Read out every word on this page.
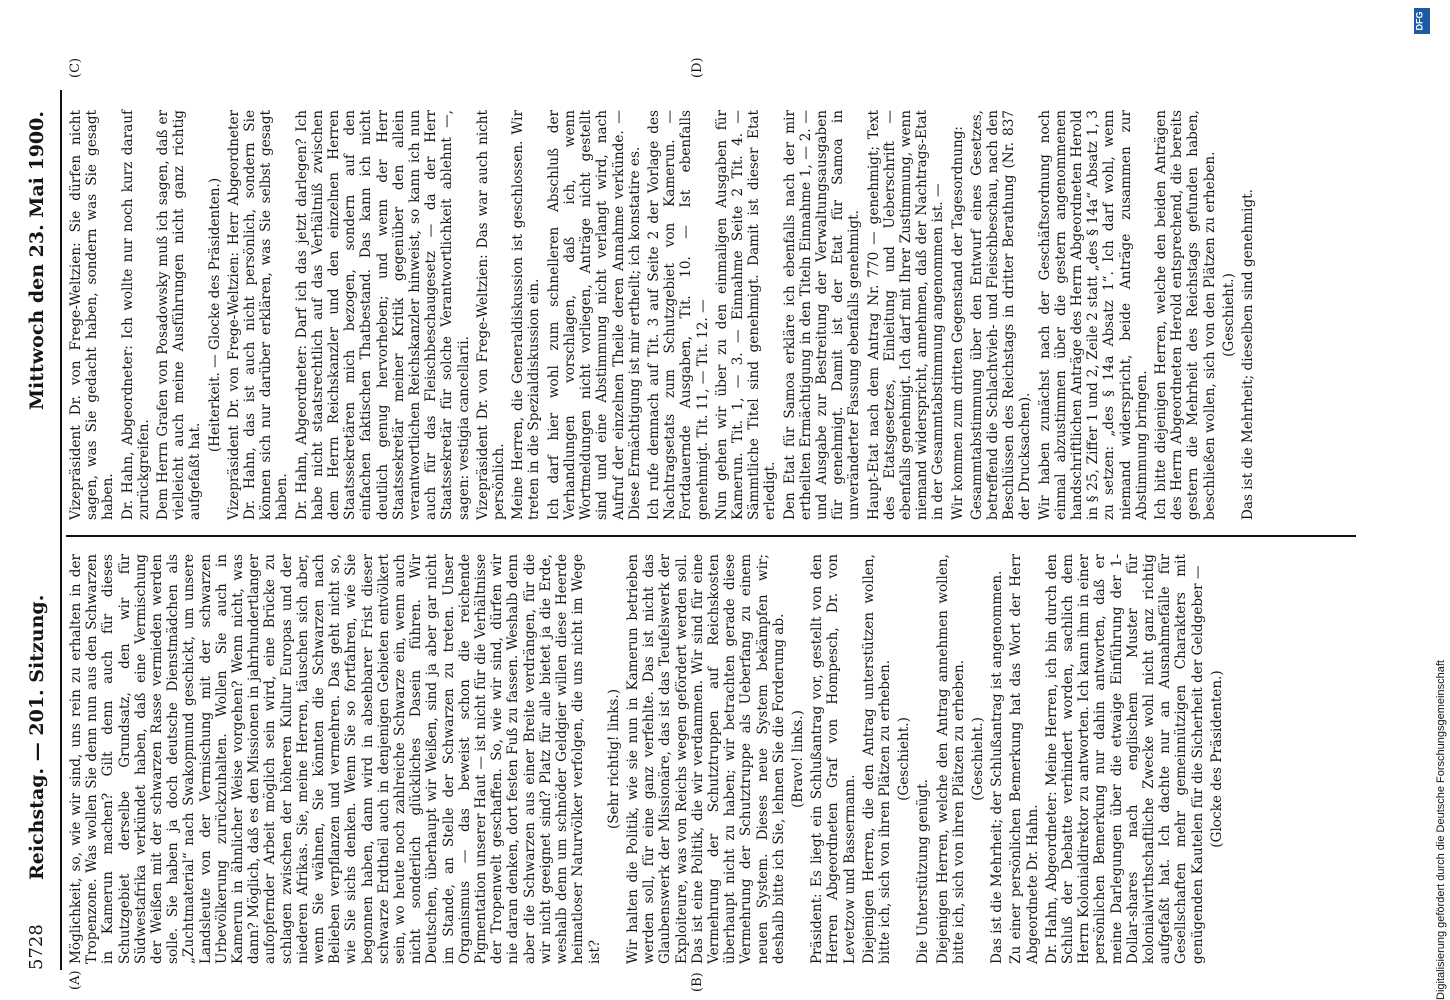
5728
Reichstag. — 201. Sitzung.
Mittwoch den 23. Mai 1900.
(A)	(B)
(C)	(D)

Möglichkeit, so, wie wir sind, uns rein zu erhalten in der Tropenzone. Was wollen Sie denn nun aus den Schwarzen in Kamerun machen? Gilt denn auch für dieses Schutzgebiet derselbe Grundsatz, den wir für Südwestafrika verkündet haben, daß eine Vermischung der Weißen mit der schwarzen Rasse vermieden werden solle. Sie haben ja doch deutsche Dienstmädchen als „Zuchtmaterial“ nach Swakopmund geschickt, um unsere Landsleute von der Vermischung mit der schwarzen Urbevölkerung zurückzuhalten. Wollen Sie auch in Kamerun in ähnlicher Weise vorgehen? Wenn nicht, was dann? Möglich, daß es den Missionen in jahrhundertlanger aufopfernder Arbeit möglich sein wird, eine Brücke zu schlagen zwischen der höheren Kultur Europas und der niederen Afrikas. Sie, meine Herren, täuschen sich aber, wenn Sie wähnen, Sie könnten die Schwarzen nach Belieben verpflanzen und vermehren. Das geht nicht so, wie Sie sichs denken. Wenn Sie so fortfahren, wie Sie begonnen haben, dann wird in absehbarer Frist dieser schwarze Erdtheil auch in denjenigen Gebieten entvölkert sein, wo heute noch zahlreiche Schwarze ein, wenn auch nicht sonderlich glückliches Dasein führen. Wir Deutschen, überhaupt wir Weißen, sind ja aber gar nicht im Stande, an Stelle der Schwarzen zu treten. Unser Organismus — das beweist schon die reichende Pigmentation unserer Haut — ist nicht für die Verhältnisse der Tropenwelt geschaffen. So, wie wir sind, dürfen wir nie daran denken, dort festen Fuß zu fassen. Weshalb denn aber die Schwarzen aus einer Breite verdrängen, für die wir nicht geeignet sind? Platz für alle bietet ja die Erde, weshalb denn um schnöder Geldgier willen diese Heerde heimatloser Naturvölker verfolgen, die uns nicht im Wege ist?

(Sehr richtig! links.) Wir halten die Politik, wie sie nun in Kamerun betrieben werden soll, für eine ganz verfehlte. Das ist nicht das Glaubenswerk der Missionäre, das ist das Teufelswerk der Exploiteure, was von Reichs wegen gefördert werden soll. Das ist eine Politik, die wir verdammen. Wir sind für eine Vermehrung der Schutztruppen auf Reichskosten überhaupt nicht zu haben; wir betrachten gerade diese Vermehrung der Schutztruppe als Ueberfang zu einem neuen System. Dieses neue System bekämpfen wir; deshalb bitte ich Sie, lehnen Sie die Forderung ab. (Bravo! links.) Präsident: Es liegt ein Schlußantrag vor, gestellt von den Herren Abgeordneten Graf von Hompesch, Dr. von Levetzow und Bassermann. Diejenigen Herren, die den Antrag unterstützen wollen, bitte ich, sich von ihren Plätzen zu erheben. (Geschieht.)

Die Unterstützung genügt. Diejenigen Herren, welche den Antrag annehmen wollen, bitte ich, sich von ihren Plätzen zu erheben. (Geschieht.) Das ist die Mehrheit; der Schlußantrag ist angenommen. Zu einer persönlichen Bemerkung hat das Wort der Herr Abgeordnete Dr. Hahn. Dr. Hahn, Abgeordneter: Meine Herren, ich bin durch den Schluß der Debatte verhindert worden, sachlich dem Herrn Kolonialdirektor zu antworten. Ich kann ihm in einer persönlichen Bemerkung nur dahin antworten, daß er meine Darlegungen über die etwaige Einführung der 1-Dollar-shares nach englischem Muster für kolonialwirthschaftliche Zwecke wohl nicht ganz richtig aufgefaßt hat. Ich dachte nur an Ausnahmefälle für Gesellschaften mehr gemeinnützigen Charakters mit genügenden Kautelen für die Sicherheit der Geldgeber — (Glocke des Präsidenten.)

Vizepräsident Dr. von Frege-Weltzien: Sie dürfen nicht sagen, was Sie gedacht haben, sondern was Sie gesagt haben. Dr. Hahn, Abgeordneter: Ich wollte nur noch kurz darauf zurückgreifen. Dem Herrn Grafen von Posadowsky muß ich sagen, daß er vielleicht auch meine Ausführungen nicht ganz richtig aufgefaßt hat.

(Heiterkeit. — Glocke des Präsidenten.) Vizepräsident Dr. von Frege-Weltzien: Herr Abgeordneter Dr. Hahn, das ist auch nicht persönlich, sondern Sie können sich nur darüber erklären, was Sie selbst gesagt haben. Dr. Hahn, Abgeordneter: Darf ich das jetzt darlegen? Ich habe nicht staatsrechtlich auf das Verhältniß zwischen dem Herrn Reichskanzler und den einzelnen Herren Staatssekretären mich bezogen, sondern auf den einfachen faktischen Thatbestand. Das kann ich nicht deutlich genug hervorheben; und wenn der Herr Staatssekretär meiner Kritik gegenüber den allein verantwortlichen Reichskanzler hinweist, so kann ich nun auch für das Fleischbeschaugesetz — da der Herr Staatssekretär für solche Verantwortlichkeit ablehnt —, sagen: vestigia cancellarii. Vizepräsident Dr. von Frege-Weltzien: Das war auch nicht persönlich. Meine Herren, die Generaldiskussion ist geschlossen. Wir treten in die Spezialdiskussion ein. Ich darf hier wohl zum schnelleren Abschluß der Verhandlungen vorschlagen, daß ich, wenn Wortmeldungen nicht vorliegen, Anträge nicht gestellt sind und eine Abstimmung nicht verlangt wird, nach Aufruf der einzelnen Theile deren Annahme verkünde. — Diese Ermächtigung ist mir ertheilt; ich konstatire es. Ich rufe demnach auf Tit. 3 auf Seite 2 der Vorlage des Nachtragsetats zum Schutzgebiet von Kamerun. — Fortdauernde Ausgaben, Tit. 10. — Ist ebenfalls genehmigt. Tit. 11, — Tit. 12. — Nun gehen wir über zu den einmaligen Ausgaben für Kamerun. Tit. 1, — 3. — Einnahme Seite 2 Tit. 4. — Sämmtliche Titel sind genehmigt. Damit ist dieser Etat erledigt. Den Etat für Samoa erkläre ich ebenfalls nach der mir ertheilten Ermächtigung in den Titeln Einnahme 1, — 2. — und Ausgabe zur Bestreitung der Verwaltungsausgaben für genehmigt. Damit ist der Etat für Samoa in unveränderter Fassung ebenfalls genehmigt. Haupt-Etat nach dem Antrag Nr. 770 — genehmigt; Text des Etatsgesetzes, Einleitung und Ueberschrift — ebenfalls genehmigt. Ich darf mit Ihrer Zustimmung, wenn niemand widerspricht, annehmen, daß der Nachtrags-Etat in der Gesammtabstimmung angenommen ist. — Wir kommen zum dritten Gegenstand der Tagesordnung: Gesammtabstimmung über den Entwurf eines Gesetzes, betreffend die Schlachtvieh- und Fleischbeschau, nach den Beschlüssen des Reichstags in dritter Berathung (Nr. 837 der Drucksachen). Wir haben zunächst nach der Geschäftsordnung noch einmal abzustimmen über die gestern angenommenen handschriftlichen Anträge des Herrn Abgeordneten Herold in § 25, Ziffer 1 und 2, Zeile 2 statt „des § 14a“ Absatz 1, 3 zu setzen: „des § 14a Absatz 1“. Ich darf wohl, wenn niemand widerspricht, beide Anträge zusammen zur Abstimmung bringen. Ich bitte diejenigen Herren, welche den beiden Anträgen des Herrn Abgeordneten Herold entsprechend, die bereits gestern die Mehrheit des Reichstags gefunden haben, beschließen wollen, sich von den Plätzen zu erheben. (Geschieht.) Das ist die Mehrheit; dieselben sind genehmigt.

Digitalisierung gefördert durch die Deutsche Forschungsgemeinschaft
DFG
